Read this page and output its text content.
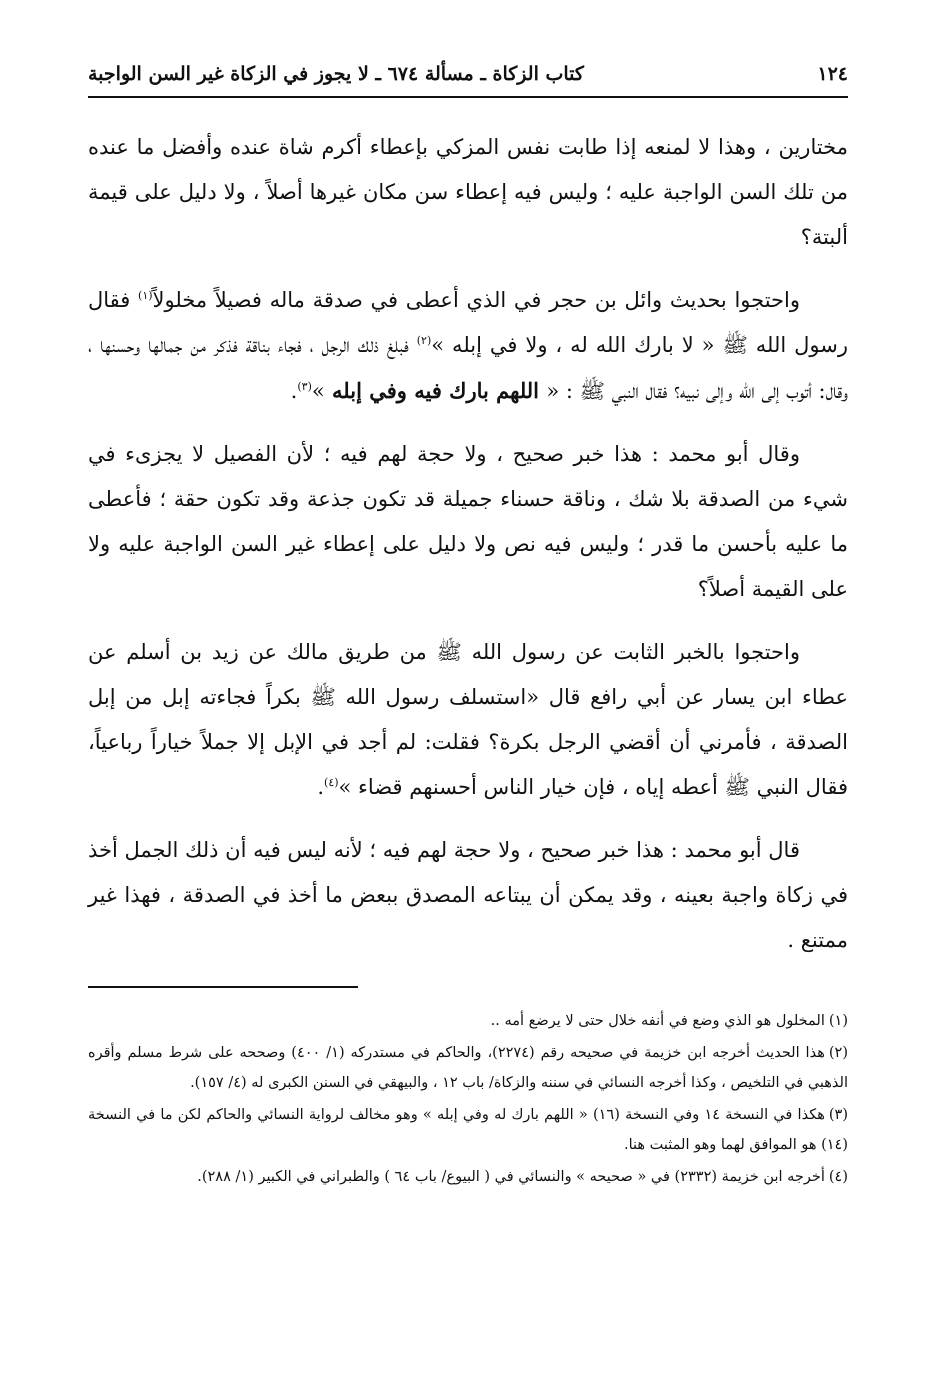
١٢٤
كتاب الزكاة ـ مسألة ٦٧٤ ـ لا يجوز في الزكاة غير السن الواجبة

مختارين ، وهذا لا لمنعه إذا طابت نفس المزكي بإعطاء أكرم شاة عنده وأفضل ما عنده من تلك السن الواجبة عليه ؛ وليس فيه إعطاء سن مكان غيرها أصلاً ، ولا دليل على قيمة ألبتة؟

واحتجوا بحديث وائل بن حجر في الذي أعطى في صدقة ماله فصيلاً مخلولاً$^{(١)}$ فقال رسول الله ﷺ « لا بارك الله له ، ولا في إبله »$^{(٢)}$ فبلغ ذلك الرجل ، فجاء بناقة فذكر من جمالها وحسنها ، وقال: أتوب إلى الله وإلى نبيه؟ فقال النبي ﷺ : « اللهم بارك فيه وفي إبله »$^{(٣)}$.

وقال أبو محمد : هذا خبر صحيح ، ولا حجة لهم فيه ؛ لأن الفصيل لا يجزىء في شيء من الصدقة بلا شك ، وناقة حسناء جميلة قد تكون جذعة وقد تكون حقة ؛ فأعطى ما عليه بأحسن ما قدر ؛ وليس فيه نص ولا دليل على إعطاء غير السن الواجبة عليه ولا على القيمة أصلاً؟

واحتجوا بالخبر الثابت عن رسول الله ﷺ من طريق مالك عن زيد بن أسلم عن عطاء ابن يسار عن أبي رافع قال «استسلف رسول الله ﷺ بكراً فجاءته إبل من إبل الصدقة ، فأمرني أن أقضي الرجل بكرة؟ فقلت: لم أجد في الإبل إلا جملاً خياراً رباعياً، فقال النبي ﷺ أعطه إياه ، فإن خيار الناس أحسنهم قضاء »$^{(٤)}$.

قال أبو محمد : هذا خبر صحيح ، ولا حجة لهم فيه ؛ لأنه ليس فيه أن ذلك الجمل أخذ في زكاة واجبة بعينه ، وقد يمكن أن يبتاعه المصدق ببعض ما أخذ في الصدقة ، فهذا غير ممتنع .

(١)المخلول هو الذي وضع في أنفه خلال حتى لا يرضع أمه ..

(٢)هذا الحديث أخرجه ابن خزيمة في صحيحه رقم (٢٢٧٤)، والحاكم في مستدركه (١/ ٤٠٠) وصححه على شرط مسلم وأقره الذهبي في التلخيص ، وكذا أخرجه النسائي في سننه والزكاة/ باب ١٢ ، والبيهقي في السنن الكبرى له (٤/ ١٥٧).

(٣)هكذا في النسخة ١٤ وفي النسخة (١٦) « اللهم بارك له وفي إبله » وهو مخالف لرواية النسائي والحاكم لكن ما في النسخة (١٤) هو الموافق لهما وهو المثبت هنا.

(٤)أخرجه ابن خزيمة (٢٣٣٢) في « صحيحه » والنسائي في ( البيوع/ باب ٦٤ ) والطبراني في الكبير (١/ ٢٨٨).
